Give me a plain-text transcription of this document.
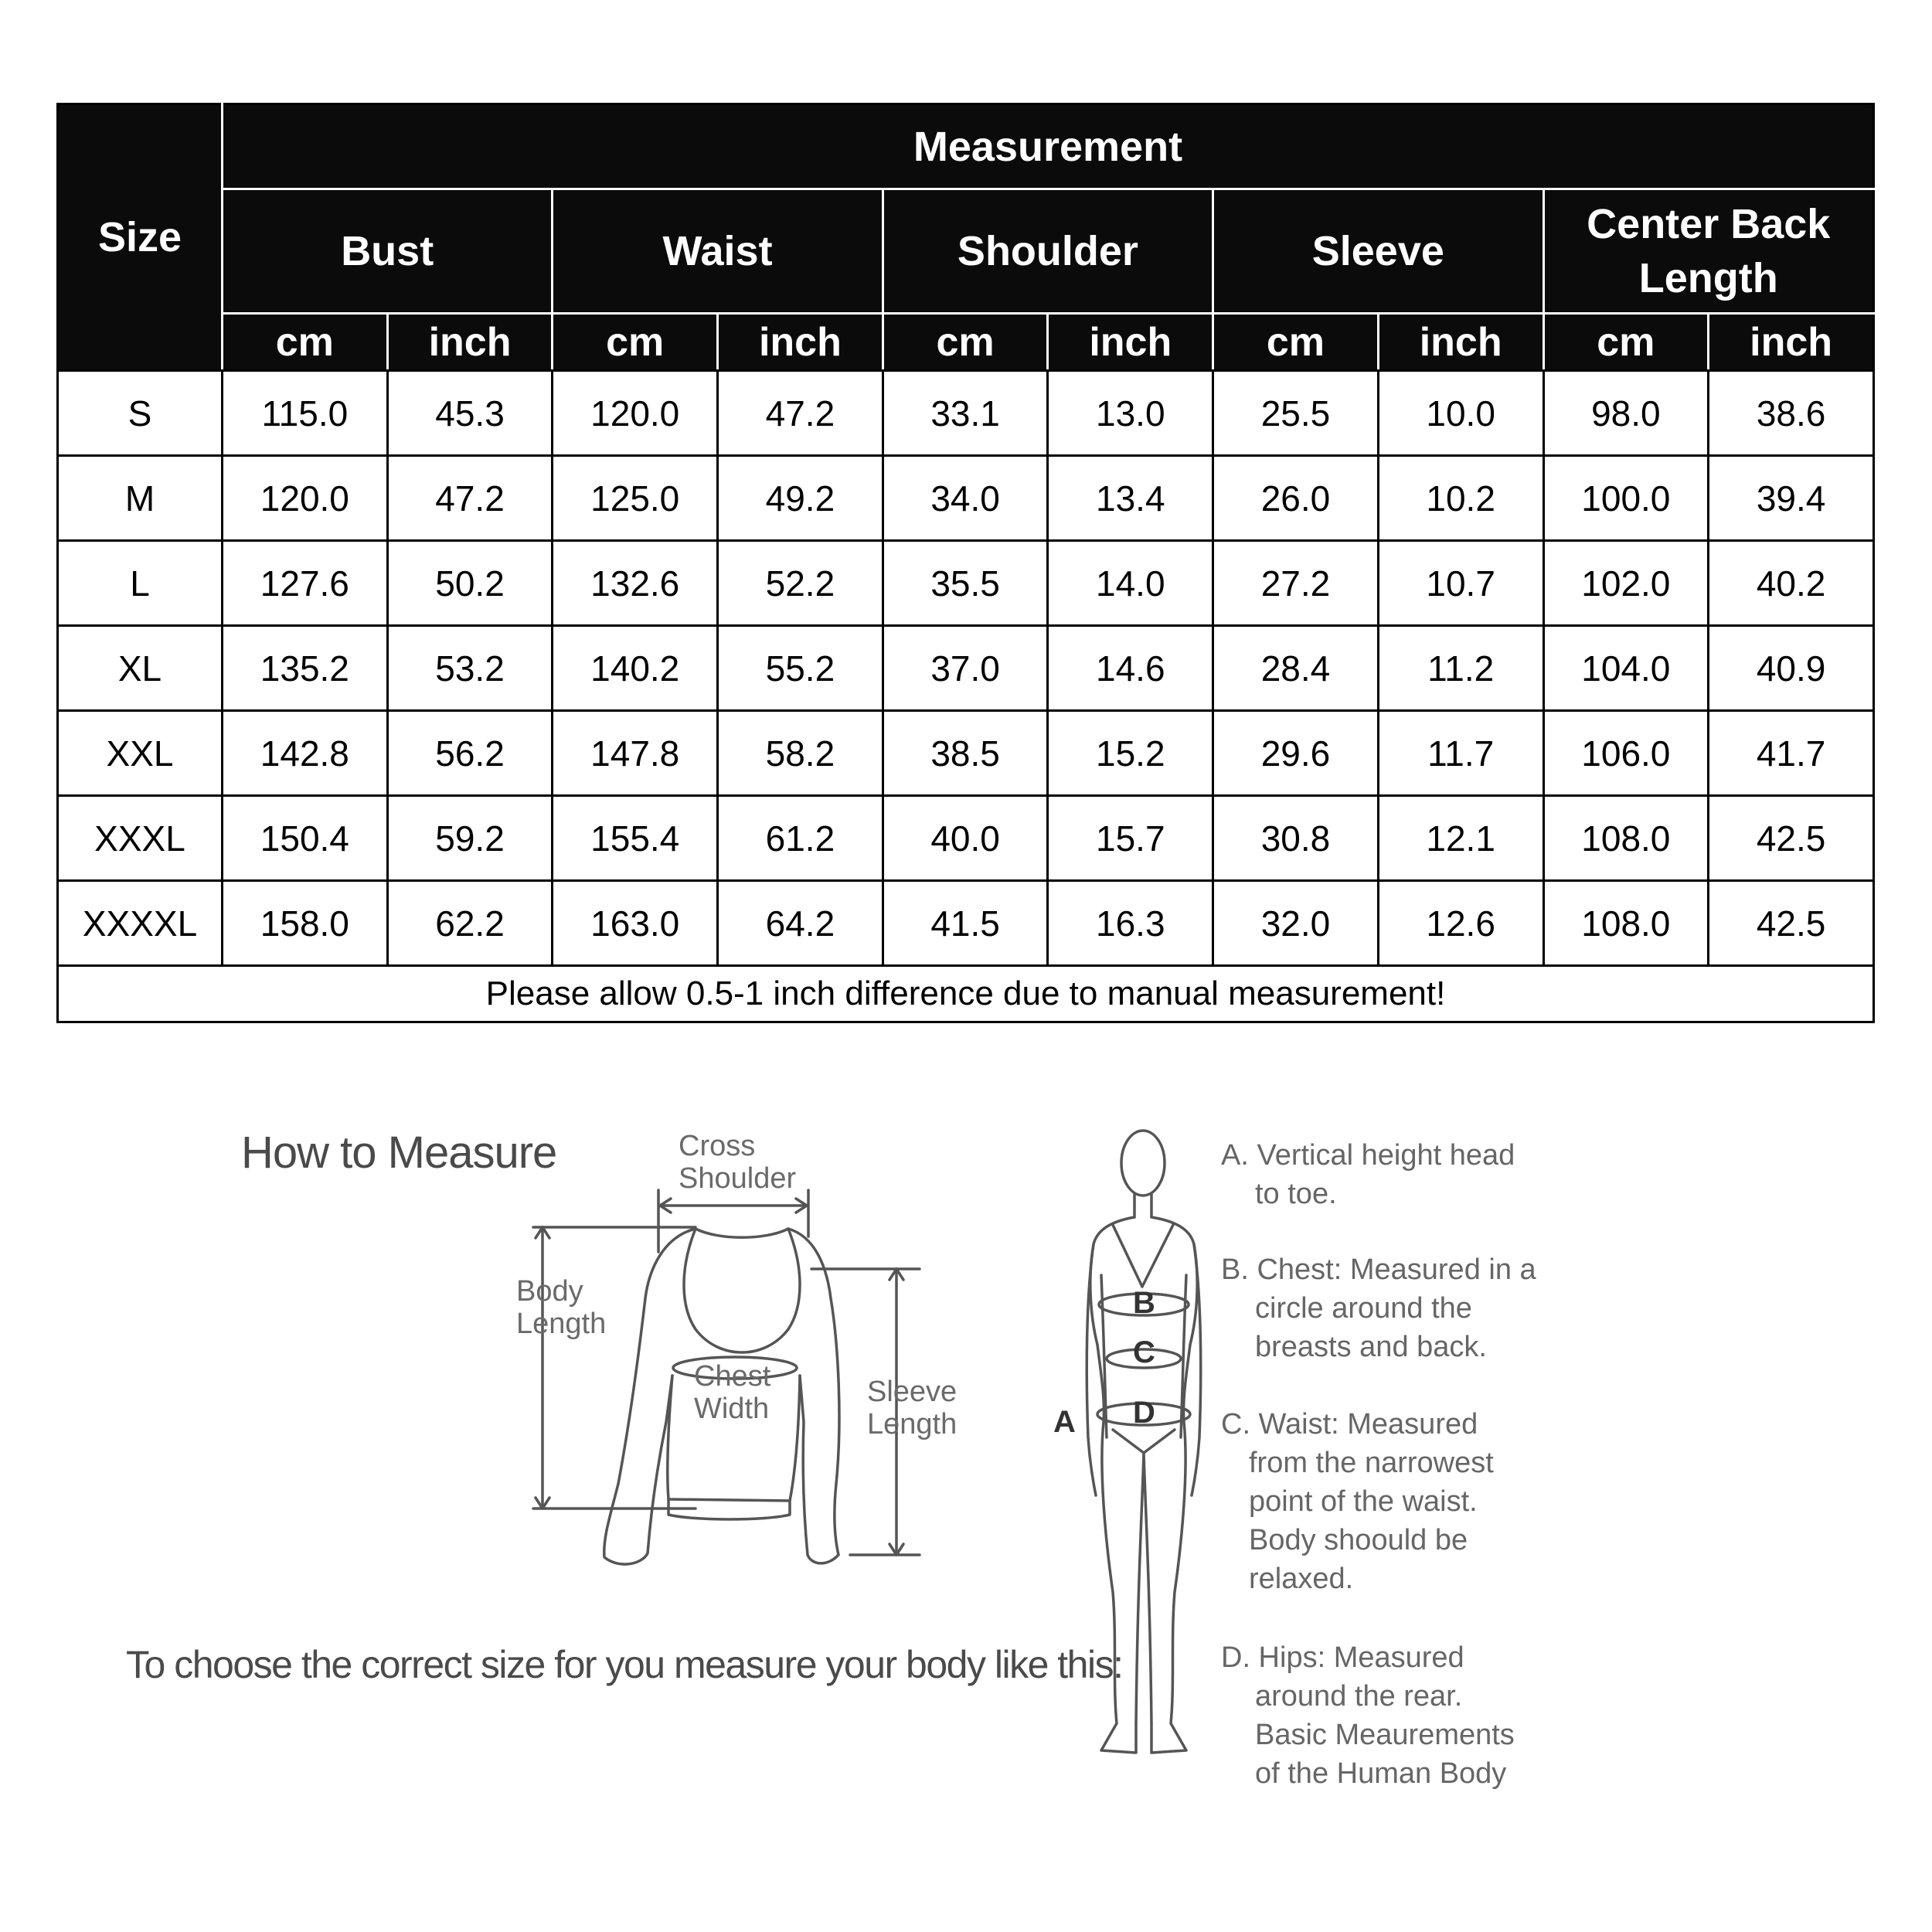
Size	Measurement									

	Bust		Waist		Shoulder		Sleeve		Center Back
Length	

	cm	inch	cm	inch	cm	inch	cm	inch	cm	inch
S	115.0	45.3	120.0	47.2	33.1	13.0	25.5	10.0	98.0	38.6
M	120.0	47.2	125.0	49.2	34.0	13.4	26.0	10.2	100.0	39.4
L	127.6	50.2	132.6	52.2	35.5	14.0	27.2	10.7	102.0	40.2
XL	135.2	53.2	140.2	55.2	37.0	14.6	28.4	11.2	104.0	40.9
XXL	142.8	56.2	147.8	58.2	38.5	15.2	29.6	11.7	106.0	41.7
XXXL	150.4	59.2	155.4	61.2	40.0	15.7	30.8	12.1	108.0	42.5
XXXXL	158.0	62.2	163.0	64.2	41.5	16.3	32.0	12.6	108.0	42.5
Please allow 0.5-1 inch difference due to manual measurement!										
How to Measure
To choose the correct size for you measure your body like this:
Cross
Shoulder
Body
Length
Chest
Width
Sleeve
Length	A
B
C
D
A. Vertical height head
to toe.
B. Chest: Measured in a
circle around the
breasts and back.
C. Waist: Measured
from the narrowest
point of the waist.
Body shoould be
relaxed.
D. Hips: Measured
around the rear.
Basic Meaurements
of the Human Body
